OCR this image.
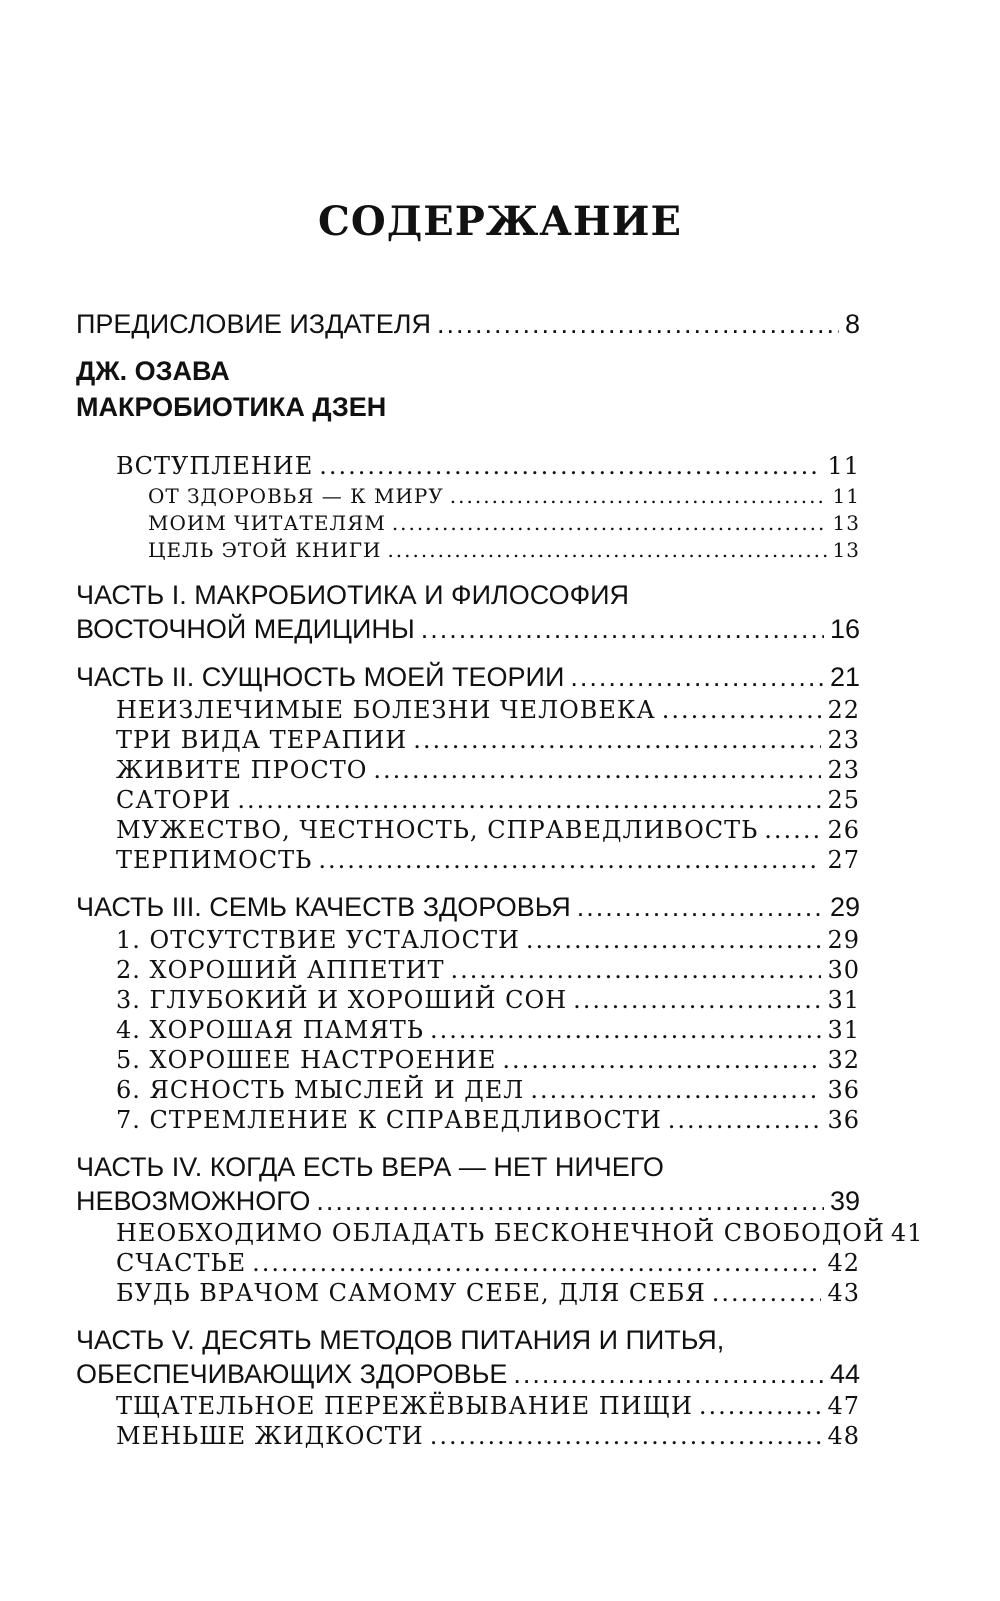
СОДЕРЖАНИЕ
ПРЕДИСЛОВИЕ ИЗДАТЕЛЯ .....	8
ДЖ. ОЗАВА
МАКРОБИОТИКА ДЗЕН
ВСТУПЛЕНИЕ .....	11
ОТ ЗДОРОВЬЯ — К МИРУ .....	11
МОИМ ЧИТАТЕЛЯМ .....	13
ЦЕЛЬ ЭТОЙ КНИГИ .....	13
ЧАСТЬ I. МАКРОБИОТИКА И ФИЛОСОФИЯ
ВОСТОЧНОЙ МЕДИЦИНЫ .....	16
ЧАСТЬ II. СУЩНОСТЬ МОЕЙ ТЕОРИИ .....	21
НЕИЗЛЕЧИМЫЕ БОЛЕЗНИ ЧЕЛОВЕКА .....	22
ТРИ ВИДА ТЕРАПИИ .....	23
ЖИВИТЕ ПРОСТО .....	23
САТОРИ .....	25
МУЖЕСТВО, ЧЕСТНОСТЬ, СПРАВЕДЛИВОСТЬ .....	26
ТЕРПИМОСТЬ .....	27
ЧАСТЬ III. СЕМЬ КАЧЕСТВ ЗДОРОВЬЯ .....	29
1. ОТСУТСТВИЕ УСТАЛОСТИ .....	29
2. ХОРОШИЙ АППЕТИТ .....	30
3. ГЛУБОКИЙ И ХОРОШИЙ СОН .....	31
4. ХОРОШАЯ ПАМЯТЬ .....	31
5. ХОРОШЕЕ НАСТРОЕНИЕ .....	32
6. ЯСНОСТЬ МЫСЛЕЙ И ДЕЛ .....	36
7. СТРЕМЛЕНИЕ К СПРАВЕДЛИВОСТИ .....	36
ЧАСТЬ IV. КОГДА ЕСТЬ ВЕРА — НЕТ НИЧЕГО
НЕВОЗМОЖНОГО .....	39
НЕОБХОДИМО ОБЛАДАТЬ БЕСКОНЕЧНОЙ СВОБОДОЙ 41
СЧАСТЬЕ .....	42
БУДЬ ВРАЧОМ САМОМУ СЕБЕ, ДЛЯ СЕБЯ .....	43
ЧАСТЬ V. ДЕСЯТЬ МЕТОДОВ ПИТАНИЯ И ПИТЬЯ,
ОБЕСПЕЧИВАЮЩИХ ЗДОРОВЬЕ .....	44
ТЩАТЕЛЬНОЕ ПЕРЕЖЁВЫВАНИЕ ПИЩИ .....	47
МЕНЬШЕ ЖИДКОСТИ .....	48
